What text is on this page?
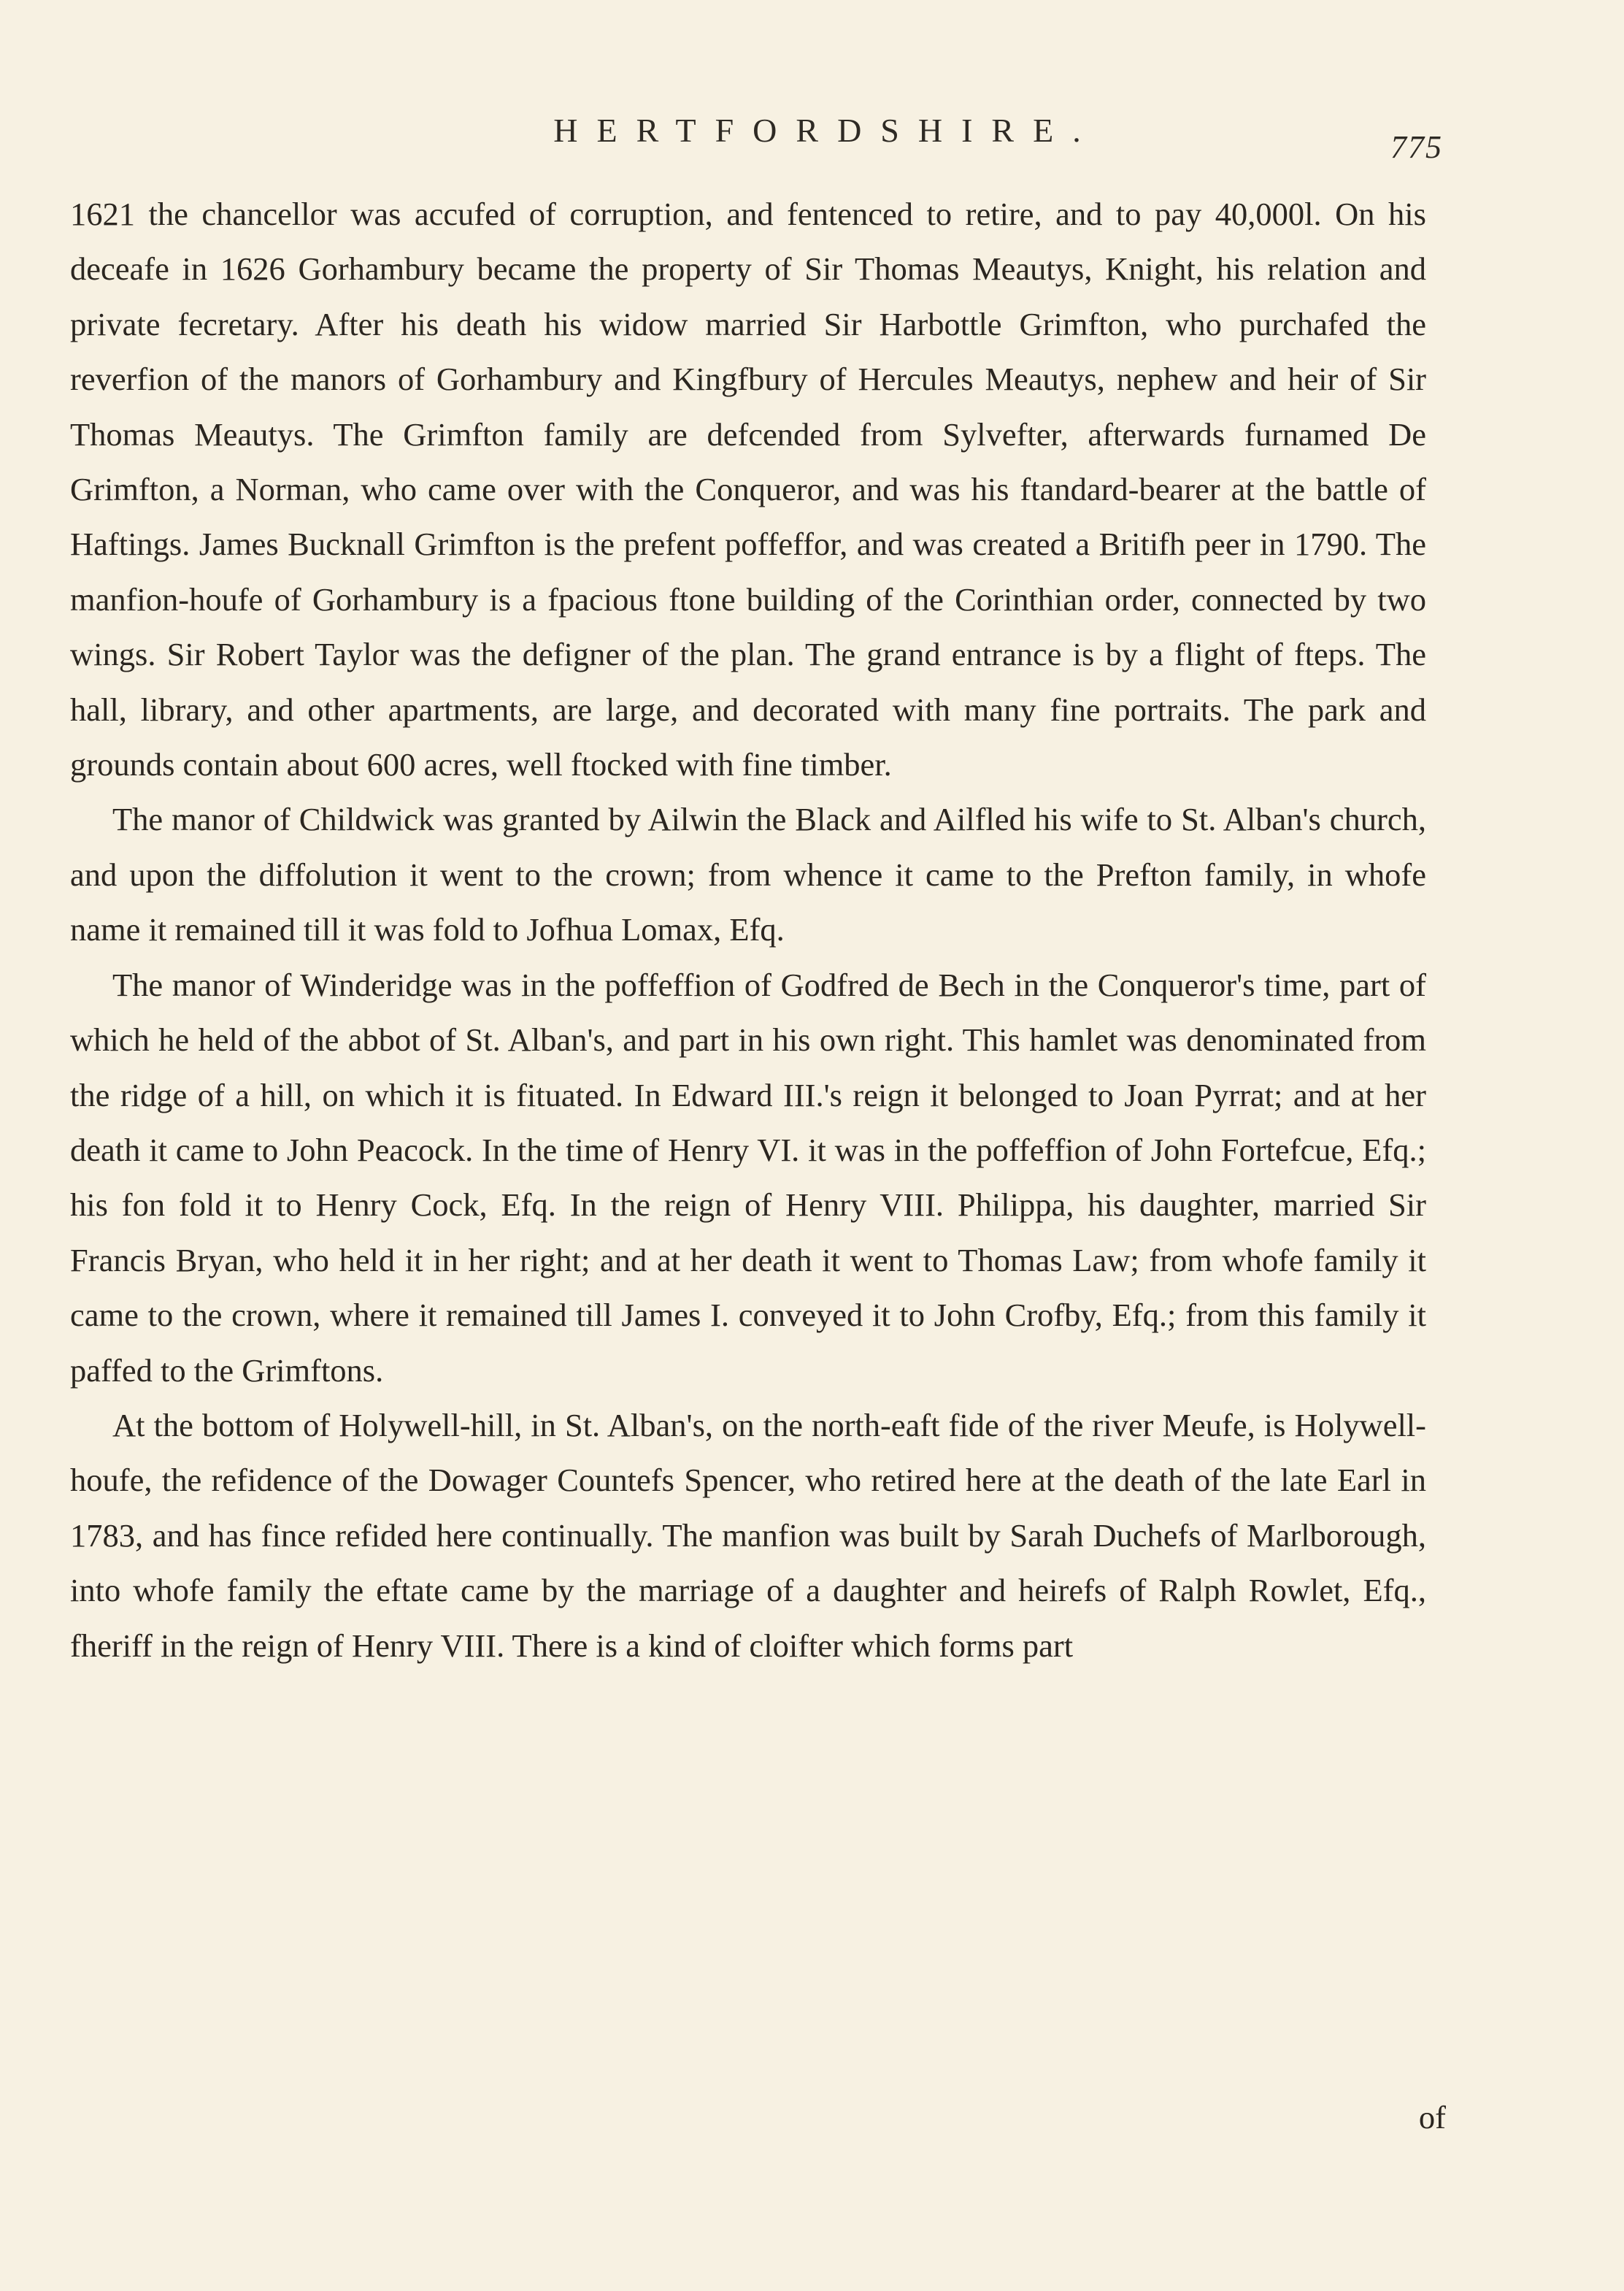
HERTFORDSHIRE.	775

1621 the chancellor was accufed of corruption, and fentenced to retire, and to pay 40,000l. On his deceafe in 1626 Gorhambury became the property of Sir Thomas Meautys, Knight, his relation and private fecretary. After his death his widow married Sir Harbottle Grimfton, who purchafed the reverfion of the manors of Gorhambury and Kingfbury of Hercules Meautys, nephew and heir of Sir Thomas Meautys. The Grimfton family are defcended from Sylvefter, afterwards furnamed De Grimfton, a Norman, who came over with the Conqueror, and was his ftandard-bearer at the battle of Haftings. James Bucknall Grimfton is the prefent poffeffor, and was created a Britifh peer in 1790. The manfion-houfe of Gorhambury is a fpacious ftone building of the Corinthian order, connected by two wings. Sir Robert Taylor was the defigner of the plan. The grand entrance is by a flight of fteps. The hall, library, and other apartments, are large, and decorated with many fine portraits. The park and grounds contain about 600 acres, well ftocked with fine timber.

The manor of Childwick was granted by Ailwin the Black and Ailfled his wife to St. Alban's church, and upon the diffolution it went to the crown; from whence it came to the Prefton family, in whofe name it remained till it was fold to Jofhua Lomax, Efq.

The manor of Winderidge was in the poffeffion of Godfred de Bech in the Conqueror's time, part of which he held of the abbot of St. Alban's, and part in his own right. This hamlet was denominated from the ridge of a hill, on which it is fituated. In Edward III.'s reign it belonged to Joan Pyrrat; and at her death it came to John Peacock. In the time of Henry VI. it was in the poffeffion of John Fortefcue, Efq.; his fon fold it to Henry Cock, Efq. In the reign of Henry VIII. Philippa, his daughter, married Sir Francis Bryan, who held it in her right; and at her death it went to Thomas Law; from whofe family it came to the crown, where it remained till James I. conveyed it to John Crofby, Efq.; from this family it paffed to the Grimftons.

At the bottom of Holywell-hill, in St. Alban's, on the north-eaft fide of the river Meufe, is Holywell-houfe, the refidence of the Dowager Countefs Spencer, who retired here at the death of the late Earl in 1783, and has fince refided here continually. The manfion was built by Sarah Duchefs of Marlborough, into whofe family the eftate came by the marriage of a daughter and heirefs of Ralph Rowlet, Efq., fheriff in the reign of Henry VIII. There is a kind of cloifter which forms part

of
